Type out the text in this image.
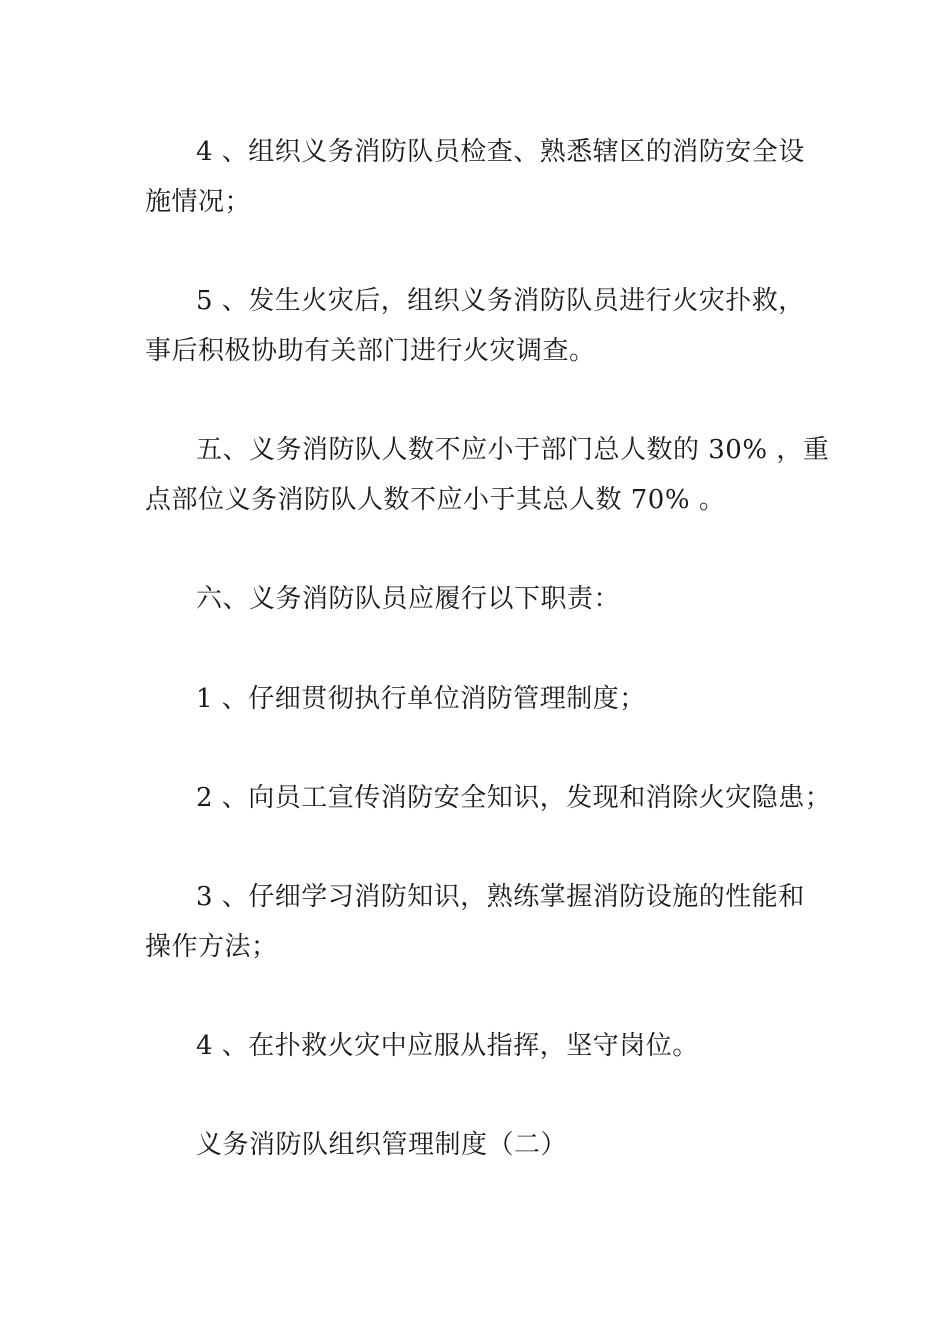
4 、组织义务消防队员检查、熟悉辖区的消防安全设
施情况；
5 、发生火灾后，组织义务消防队员进行火灾扑救，
事后积极协助有关部门进行火灾调查。
五、义务消防队人数不应小于部门总人数的 30% ，重
点部位义务消防队人数不应小于其总人数 70% 。
六、义务消防队员应履行以下职责：
1 、仔细贯彻执行单位消防管理制度；
2 、向员工宣传消防安全知识，发现和消除火灾隐患；
3 、仔细学习消防知识，熟练掌握消防设施的性能和
操作方法；
4 、在扑救火灾中应服从指挥，坚守岗位。
义务消防队组织管理制度（二）
